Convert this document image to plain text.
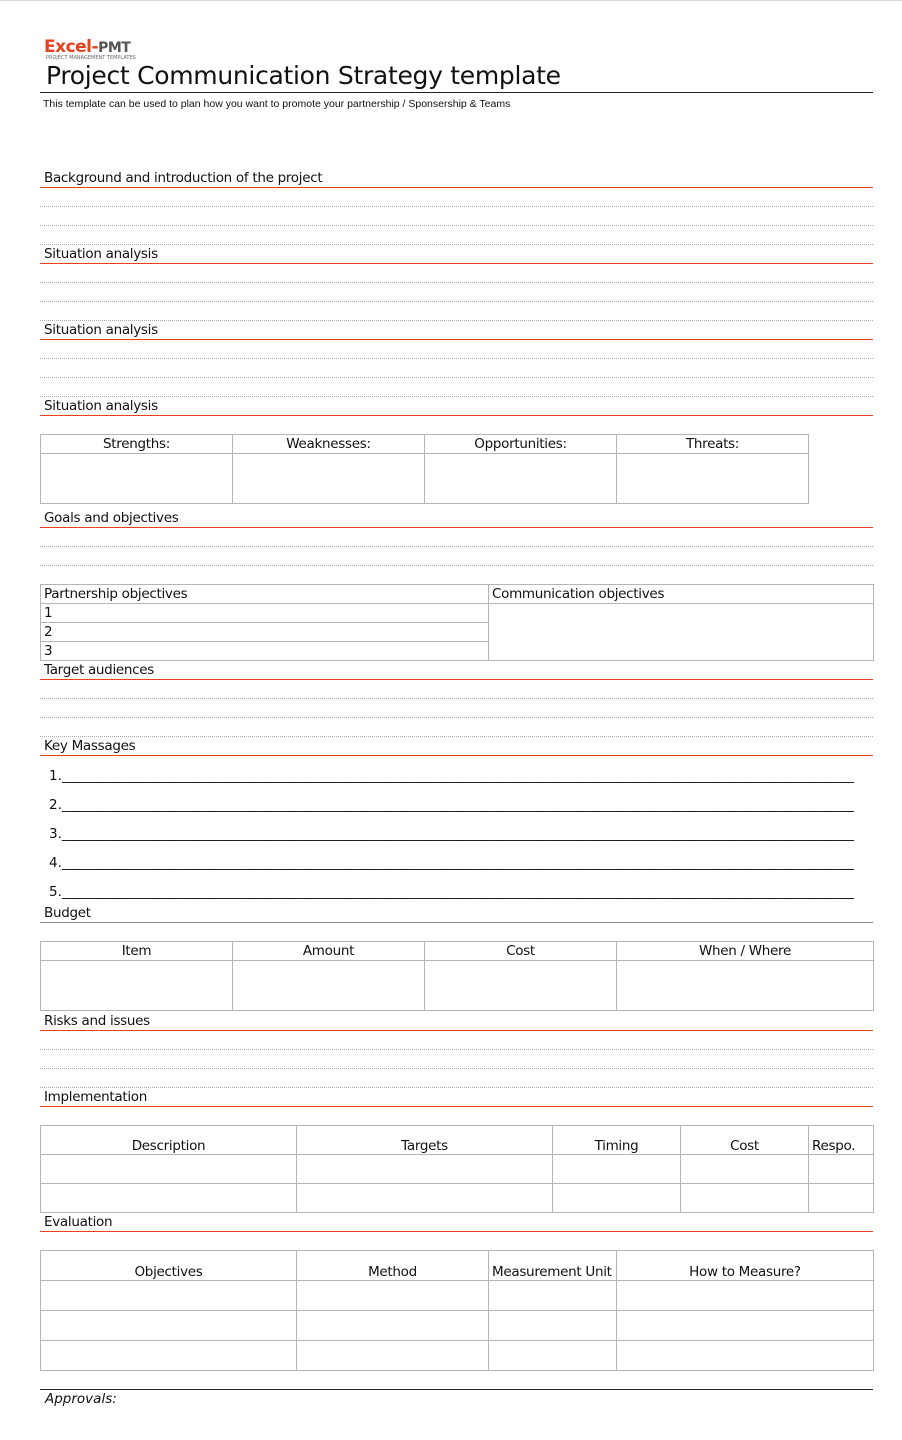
Excel-PMT
PROJECT MANAGEMENT TEMPLATES
Project Communication Strategy template
This template can be used to plan how you want to promote your partnership / Sponsership & Teams
Approvals:
Background and introduction of the project
Situation analysis
Situation analysis
Situation analysis
Strengths:	Weaknesses:	Opportunities:	Threats:

Goals and objectives
Partnership objectives	Communication objectives
1	
2	
3	
Target audiences
Key Massages
1.____________________________________________________________________________________________________________________________________________
2.____________________________________________________________________________________________________________________________________________
3.____________________________________________________________________________________________________________________________________________
4.____________________________________________________________________________________________________________________________________________
5.____________________________________________________________________________________________________________________________________________
Budget
Item	Amount	Cost	When / Where

Risks and issues
Implementation
Description	Targets	Timing	Cost	Respo.

Evaluation
Objectives	Method	Measurement Unit	How to Measure?
